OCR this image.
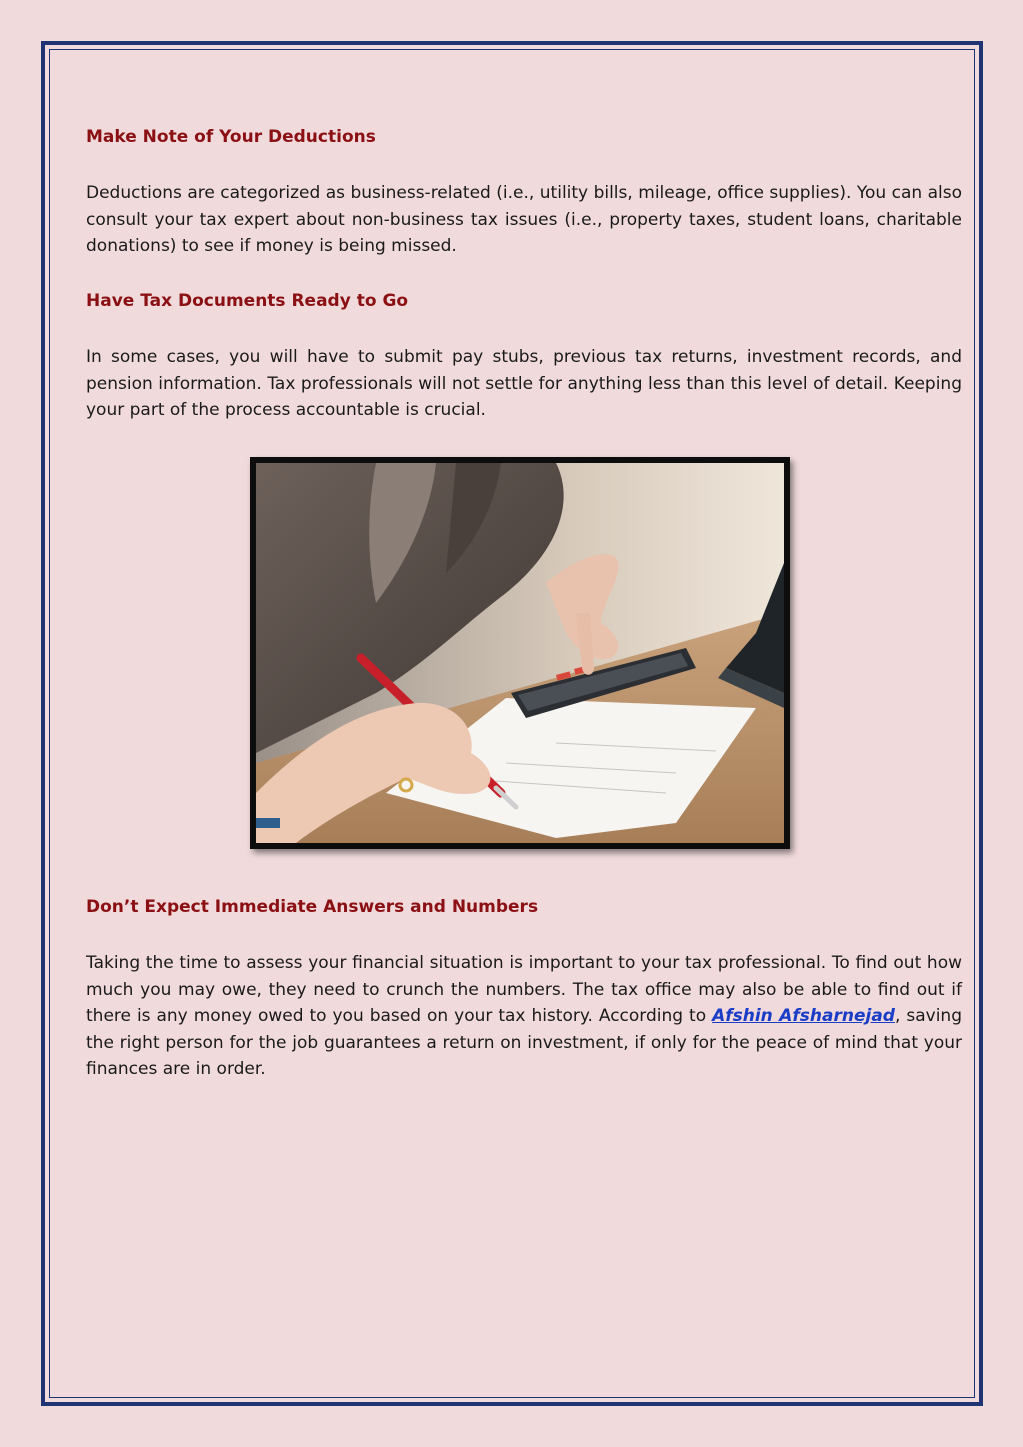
Make Note of Your Deductions

Deductions are categorized as business-related (i.e., utility bills, mileage, office supplies). You can also consult your tax expert about non-business tax issues (i.e., property taxes, student loans, charitable donations) to see if money is being missed.

Have Tax Documents Ready to Go

In some cases, you will have to submit pay stubs, previous tax returns, investment records, and pension information. Tax professionals will not settle for anything less than this level of detail. Keeping your part of the process accountable is crucial.

Don’t Expect Immediate Answers and Numbers

Taking the time to assess your financial situation is important to your tax professional. To find out how much you may owe, they need to crunch the numbers. The tax office may also be able to find out if there is any money owed to you based on your tax history. According to Afshin Afsharnejad, saving the right person for the job guarantees a return on investment, if only for the peace of mind that your finances are in order.
